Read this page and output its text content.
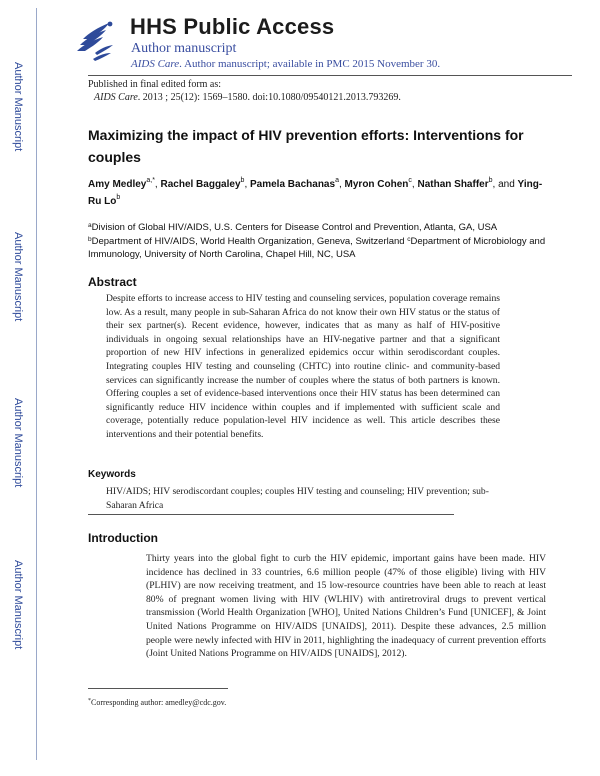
Author Manuscript
Author Manuscript
Author Manuscript
Author Manuscript
HHS Public Access
Author manuscript
AIDS Care. Author manuscript; available in PMC 2015 November 30.
Published in final edited form as:
AIDS Care. 2013 ; 25(12): 1569–1580. doi:10.1080/09540121.2013.793269.
Maximizing the impact of HIV prevention efforts: Interventions for couples
Amy Medley$^{a,*}$, Rachel Baggaley$^b$, Pamela Bachanas$^a$, Myron Cohen$^c$, Nathan Shaffer$^b$, and Ying-Ru Lo$^b$
$^a$Division of Global HIV/AIDS, U.S. Centers for Disease Control and Prevention, Atlanta, GA, USA $^b$Department of HIV/AIDS, World Health Organization, Geneva, Switzerland $^c$Department of Microbiology and Immunology, University of North Carolina, Chapel Hill, NC, USA
Abstract
Despite efforts to increase access to HIV testing and counseling services, population coverage remains low. As a result, many people in sub-Saharan Africa do not know their own HIV status or the status of their sex partner(s). Recent evidence, however, indicates that as many as half of HIV-positive individuals in ongoing sexual relationships have an HIV-negative partner and that a significant proportion of new HIV infections in generalized epidemics occur within serodiscordant couples. Integrating couples HIV testing and counseling (CHTC) into routine clinic- and community-based services can significantly increase the number of couples where the status of both partners is known. Offering couples a set of evidence-based interventions once their HIV status has been determined can significantly reduce HIV incidence within couples and if implemented with sufficient scale and coverage, potentially reduce population-level HIV incidence as well. This article describes these interventions and their potential benefits.
Keywords
HIV/AIDS; HIV serodiscordant couples; couples HIV testing and counseling; HIV prevention; sub-Saharan Africa
Introduction
Thirty years into the global fight to curb the HIV epidemic, important gains have been made. HIV incidence has declined in 33 countries, 6.6 million people (47% of those eligible) living with HIV (PLHIV) are now receiving treatment, and 15 low-resource countries have been able to reach at least 80% of pregnant women living with HIV (WLHIV) with antiretroviral drugs to prevent vertical transmission (World Health Organization [WHO], United Nations Children’s Fund [UNICEF], & Joint United Nations Programme on HIV/AIDS [UNAIDS], 2011). Despite these advances, 2.5 million people were newly infected with HIV in 2011, highlighting the inadequacy of current prevention efforts (Joint United Nations Programme on HIV/AIDS [UNAIDS], 2012).
*Corresponding author: amedley@cdc.gov.
